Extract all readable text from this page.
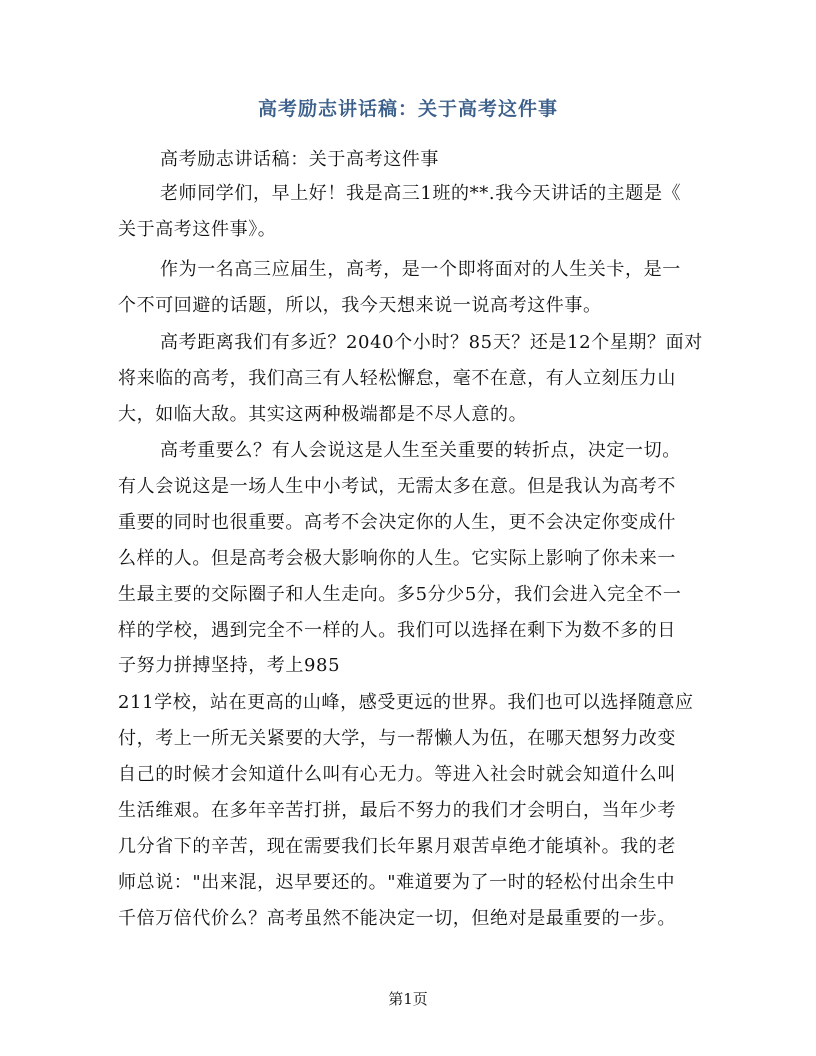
高考励志讲话稿：关于高考这件事
高考励志讲话稿：关于高考这件事
老师同学们，早上好！我是高三1班的**.我今天讲话的主题是《
关于高考这件事》。
作为一名高三应届生，高考，是一个即将面对的人生关卡，是一
个不可回避的话题，所以，我今天想来说一说高考这件事。
高考距离我们有多近？2040个小时？85天？还是12个星期？面对
将来临的高考，我们高三有人轻松懈怠，毫不在意，有人立刻压力山
大，如临大敌。其实这两种极端都是不尽人意的。
高考重要么？有人会说这是人生至关重要的转折点，决定一切。
有人会说这是一场人生中小考试，无需太多在意。但是我认为高考不
重要的同时也很重要。高考不会决定你的人生，更不会决定你变成什
么样的人。但是高考会极大影响你的人生。它实际上影响了你未来一
生最主要的交际圈子和人生走向。多5分少5分，我们会进入完全不一
样的学校，遇到完全不一样的人。我们可以选择在剩下为数不多的日
子努力拼搏坚持，考上985
211学校，站在更高的山峰，感受更远的世界。我们也可以选择随意应
付，考上一所无关紧要的大学，与一帮懒人为伍，在哪天想努力改变
自己的时候才会知道什么叫有心无力。等进入社会时就会知道什么叫
生活维艰。在多年辛苦打拼，最后不努力的我们才会明白，当年少考
几分省下的辛苦，现在需要我们长年累月艰苦卓绝才能填补。我的老
师总说："出来混，迟早要还的。"难道要为了一时的轻松付出余生中
千倍万倍代价么？高考虽然不能决定一切，但绝对是最重要的一步。
第1页
